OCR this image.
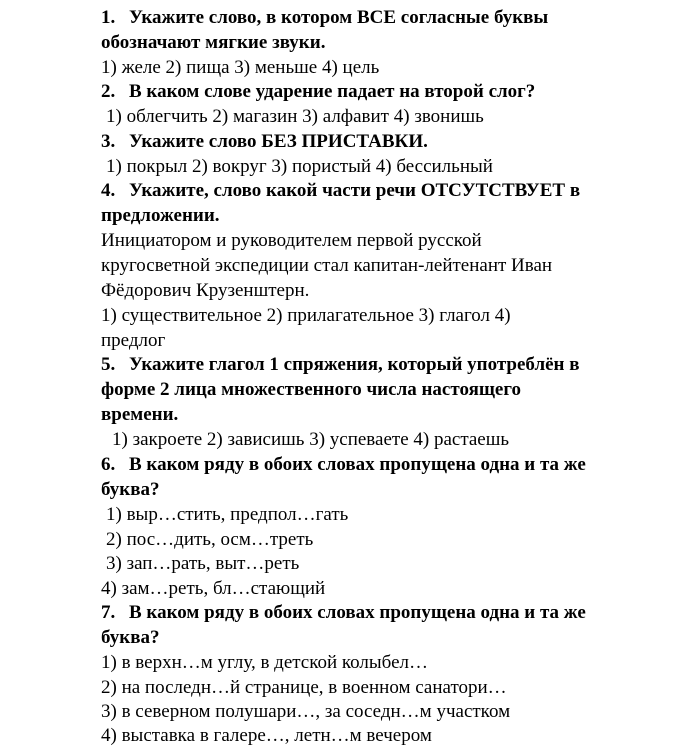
1. Укажите слово, в котором ВСЕ согласные буквы
обозначают мягкие звуки.
1) желе 2) пища 3) меньше 4) цель
2. В каком слове ударение падает на второй слог?
1) облегчить 2) магазин 3) алфавит 4) звонишь
3. Укажите слово БЕЗ ПРИСТАВКИ.
1) покрыл 2) вокруг 3) пористый 4) бессильный
4. Укажите, слово какой части речи ОТСУТСТВУЕТ в
предложении.
Инициатором и руководителем первой русской
кругосветной экспедиции стал капитан-лейтенант Иван
Фёдорович Крузенштерн.
1) существительное 2) прилагательное 3) глагол 4)
предлог
5. Укажите глагол 1 спряжения, который употреблён в
форме 2 лица множественного числа настоящего
времени.
1) закроете 2) зависишь 3) успеваете 4) растаешь
6. В каком ряду в обоих словах пропущена одна и та же
буква?
1) выр…стить, предпол…гать
2) пос…дить, осм…треть
3) зап…рать, выт…реть
4) зам…реть, бл…стающий
7. В каком ряду в обоих словах пропущена одна и та же
буква?
1) в верхн…м углу, в детской колыбел…
2) на последн…й странице, в военном санатори…
3) в северном полушари…, за соседн…м участком
4) выставка в галере…, летн…м вечером
